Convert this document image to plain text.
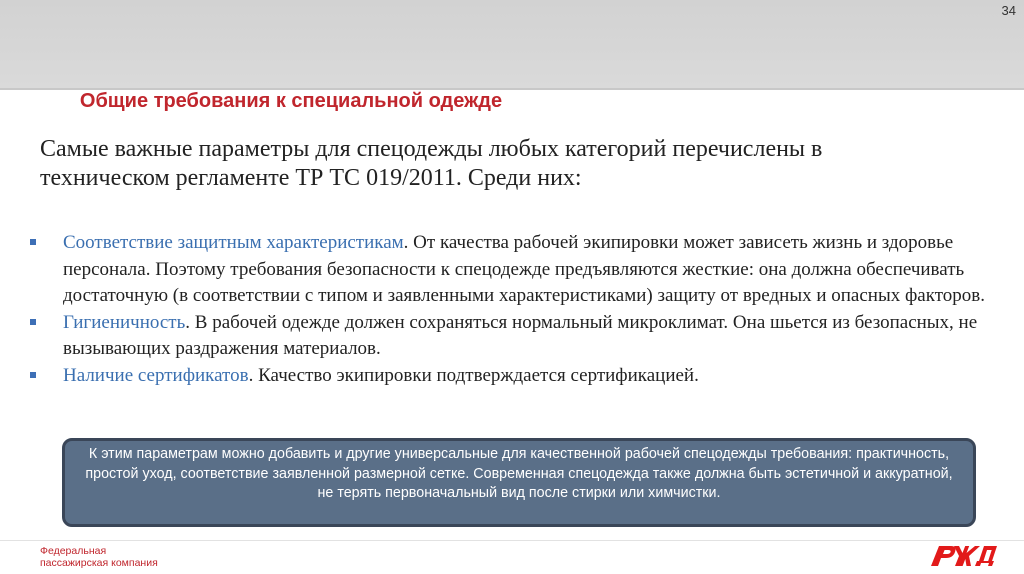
34
Общие требования к специальной одежде
Самые важные параметры для спецодежды любых категорий перечислены в техническом регламенте ТР ТС 019/2011. Среди них:
Соответствие защитным характеристикам. От качества рабочей экипировки может зависеть жизнь и здоровье персонала. Поэтому требования безопасности к спецодежде предъявляются жесткие: она должна обеспечивать достаточную (в соответствии с типом и заявленными характеристиками) защиту от вредных и опасных факторов.
Гигиеничность. В рабочей одежде должен сохраняться нормальный микроклимат. Она шьется из безопасных, не вызывающих раздражения материалов.
Наличие сертификатов. Качество экипировки подтверждается сертификацией.
К этим параметрам можно добавить и другие универсальные для качественной рабочей спецодежды требования: практичность, простой уход, соответствие заявленной размерной сетке. Современная спецодежда также должна быть эстетичной и аккуратной, не терять первоначальный вид после стирки или химчистки.
Федеральная
пассажирская компания
